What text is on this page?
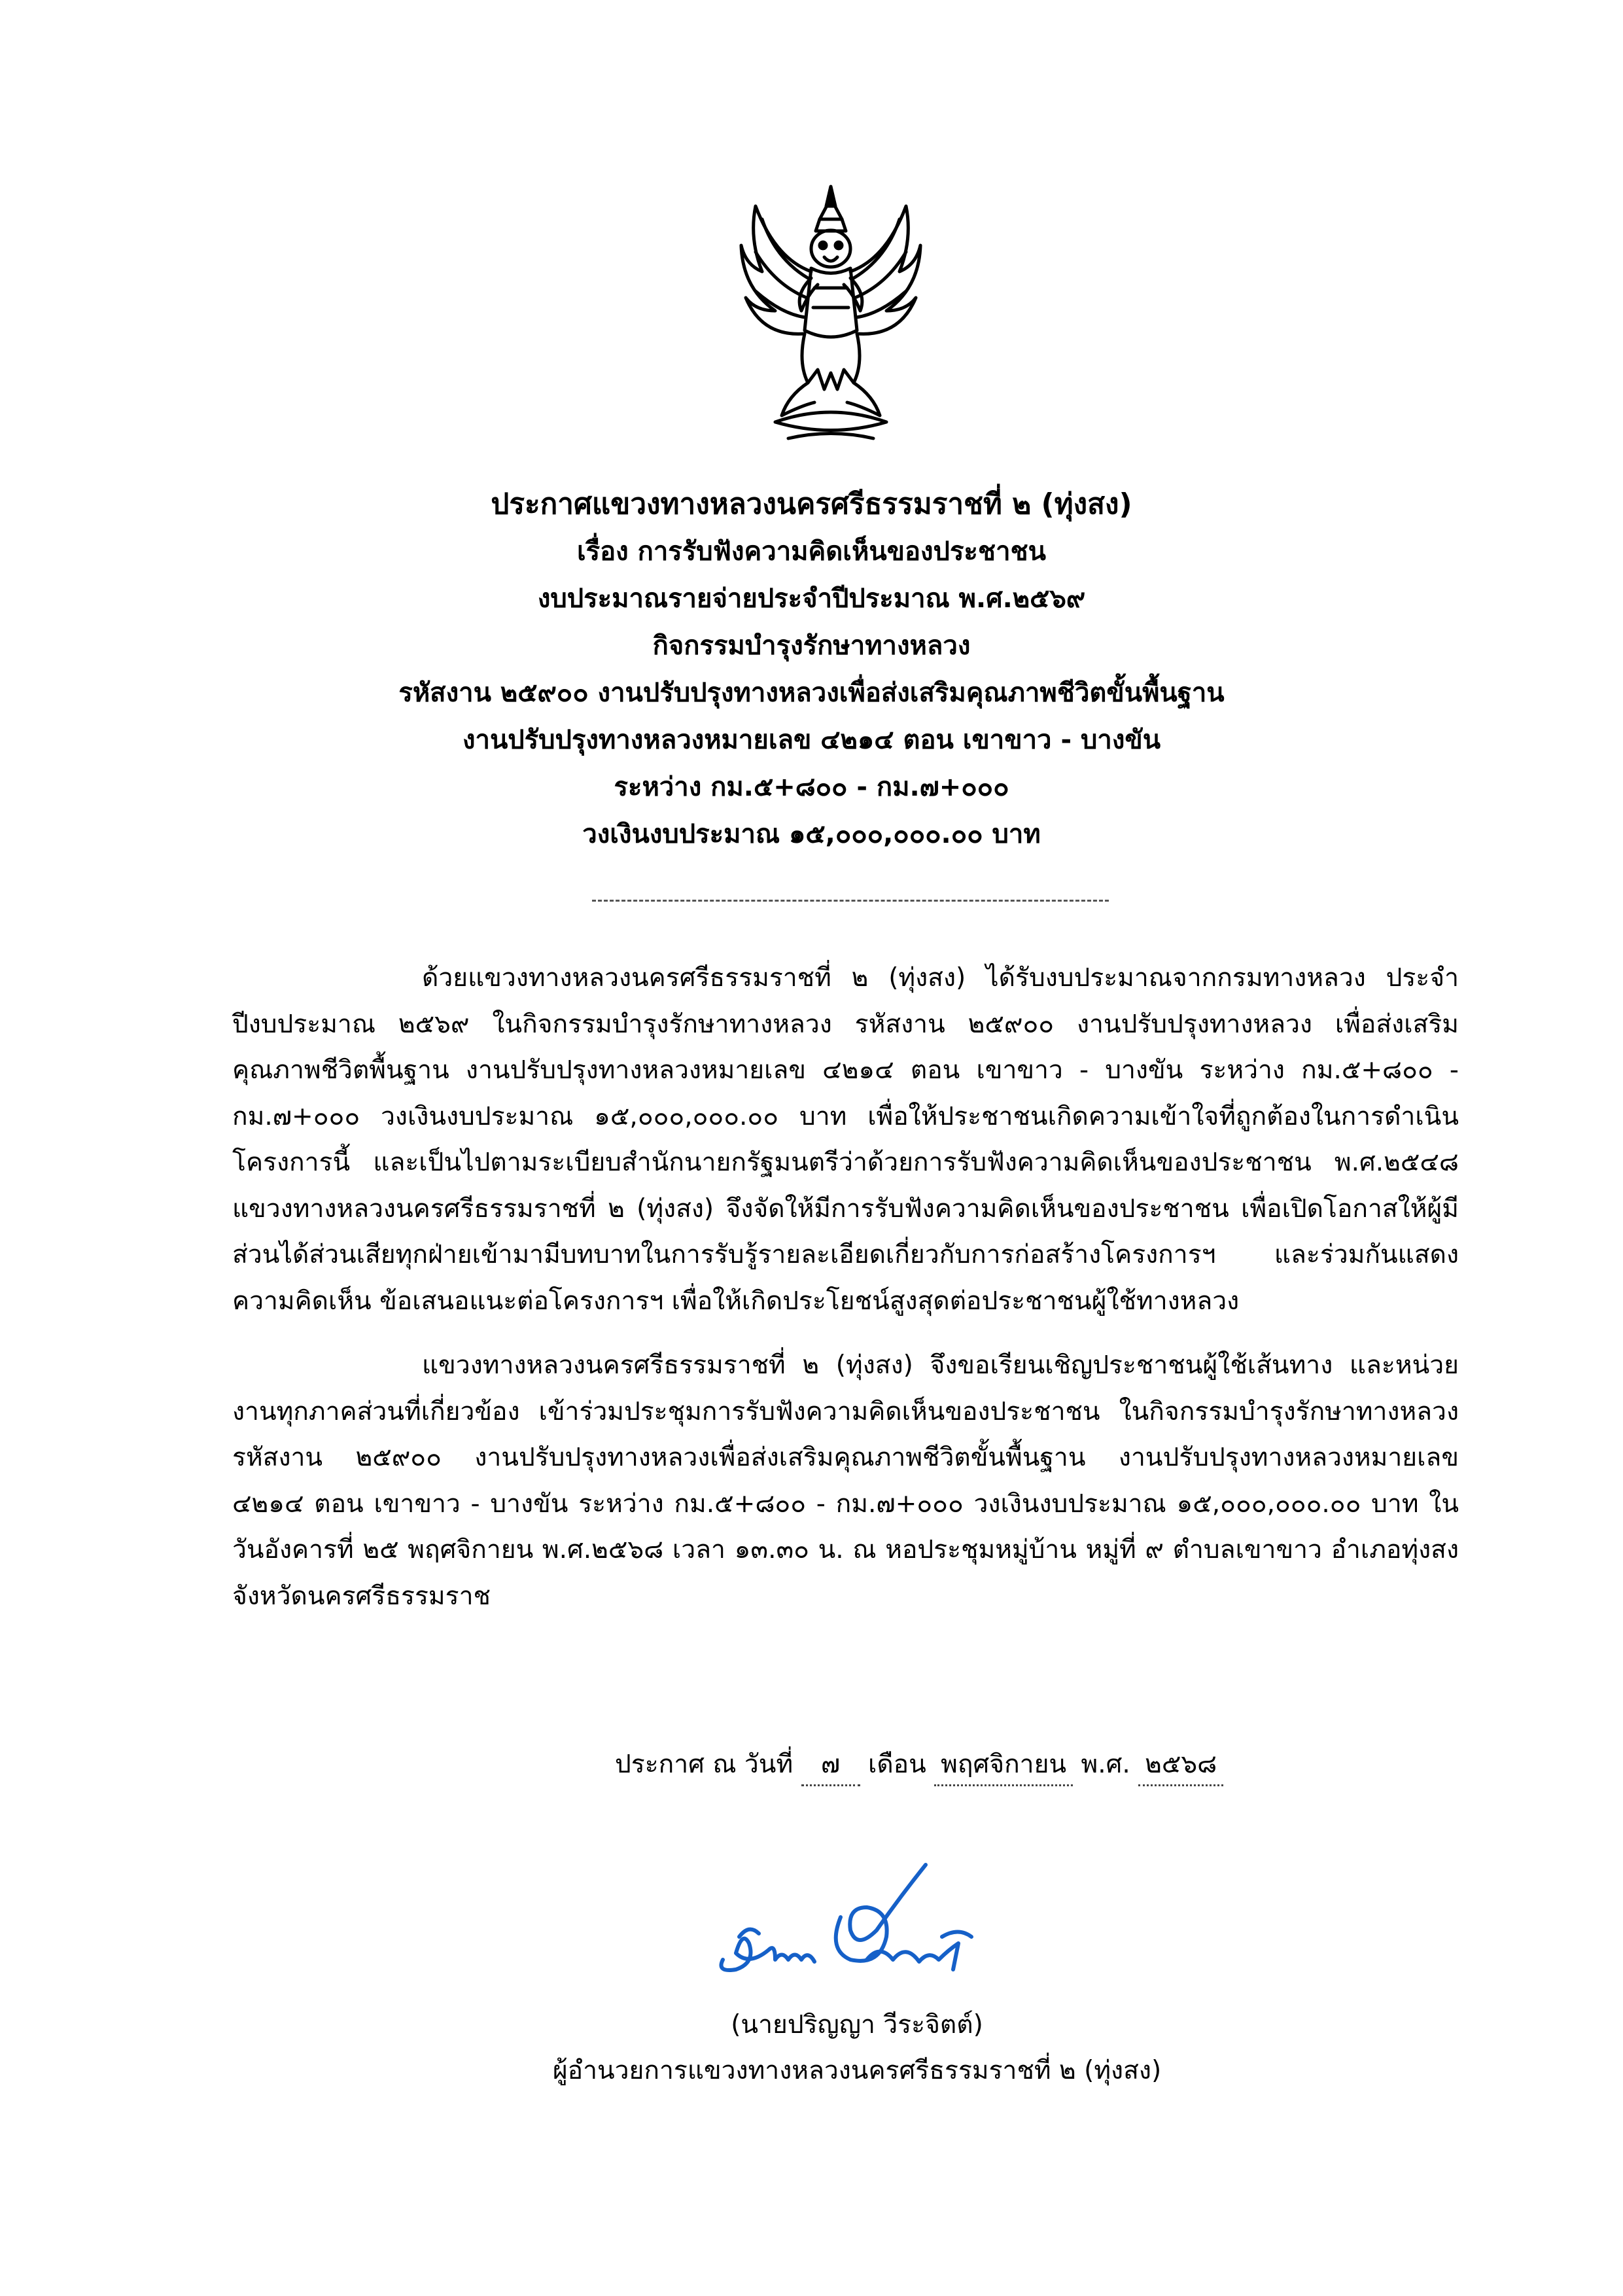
ประกาศแขวงทางหลวงนครศรีธรรมราชที่ ๒ (ทุ่งสง)
เรื่อง การรับฟังความคิดเห็นของประชาชน
งบประมาณรายจ่ายประจำปีประมาณ พ.ศ.๒๕๖๙
กิจกรรมบำรุงรักษาทางหลวง
รหัสงาน ๒๕๙๐๐ งานปรับปรุงทางหลวงเพื่อส่งเสริมคุณภาพชีวิตขั้นพื้นฐาน
งานปรับปรุงทางหลวงหมายเลข ๔๒๑๔ ตอน เขาขาว - บางขัน
ระหว่าง กม.๕+๘๐๐ - กม.๗+๐๐๐
วงเงินงบประมาณ ๑๕,๐๐๐,๐๐๐.๐๐ บาท

ด้วยแขวงทางหลวงนครศรีธรรมราชที่ ๒ (ทุ่งสง) ได้รับงบประมาณจากกรมทางหลวง ประจำปีงบประมาณ ๒๕๖๙ ในกิจกรรมบำรุงรักษาทางหลวง รหัสงาน ๒๕๙๐๐ งานปรับปรุงทางหลวง เพื่อส่งเสริมคุณภาพชีวิตพื้นฐาน งานปรับปรุงทางหลวงหมายเลข ๔๒๑๔ ตอน เขาขาว - บางขัน ระหว่าง กม.๕+๘๐๐ - กม.๗+๐๐๐ วงเงินงบประมาณ ๑๕,๐๐๐,๐๐๐.๐๐ บาท เพื่อให้ประชาชนเกิดความเข้าใจที่ถูกต้องในการดำเนินโครงการนี้ และเป็นไปตามระเบียบสำนักนายกรัฐมนตรีว่าด้วยการรับฟังความคิดเห็นของประชาชน พ.ศ.๒๕๔๘ แขวงทางหลวงนครศรีธรรมราชที่ ๒ (ทุ่งสง) จึงจัดให้มีการรับฟังความคิดเห็นของประชาชน เพื่อเปิดโอกาสให้ผู้มีส่วนได้ส่วนเสียทุกฝ่ายเข้ามามีบทบาทในการรับรู้รายละเอียดเกี่ยวกับการก่อสร้างโครงการฯ และร่วมกันแสดงความคิดเห็น ข้อเสนอแนะต่อโครงการฯ เพื่อให้เกิดประโยชน์สูงสุดต่อประชาชนผู้ใช้ทางหลวง

แขวงทางหลวงนครศรีธรรมราชที่ ๒ (ทุ่งสง) จึงขอเรียนเชิญประชาชนผู้ใช้เส้นทาง และหน่วยงานทุกภาคส่วนที่เกี่ยวข้อง เข้าร่วมประชุมการรับฟังความคิดเห็นของประชาชน ในกิจกรรมบำรุงรักษาทางหลวง รหัสงาน ๒๕๙๐๐ งานปรับปรุงทางหลวงเพื่อส่งเสริมคุณภาพชีวิตขั้นพื้นฐาน งานปรับปรุงทางหลวงหมายเลข ๔๒๑๔ ตอน เขาขาว - บางขัน ระหว่าง กม.๕+๘๐๐ - กม.๗+๐๐๐ วงเงินงบประมาณ ๑๕,๐๐๐,๐๐๐.๐๐ บาท ในวันอังคารที่ ๒๕ พฤศจิกายน พ.ศ.๒๕๖๘ เวลา ๑๓.๓๐ น. ณ หอประชุมหมู่บ้าน หมู่ที่ ๙ ตำบลเขาขาว อำเภอทุ่งสง จังหวัดนครศรีธรรมราช

ประกาศ ณ วันที่ ๗ เดือน พฤศจิกายน พ.ศ. ๒๕๖๘
(นายปริญญา วีระจิตต์)
ผู้อำนวยการแขวงทางหลวงนครศรีธรรมราชที่ ๒ (ทุ่งสง)
